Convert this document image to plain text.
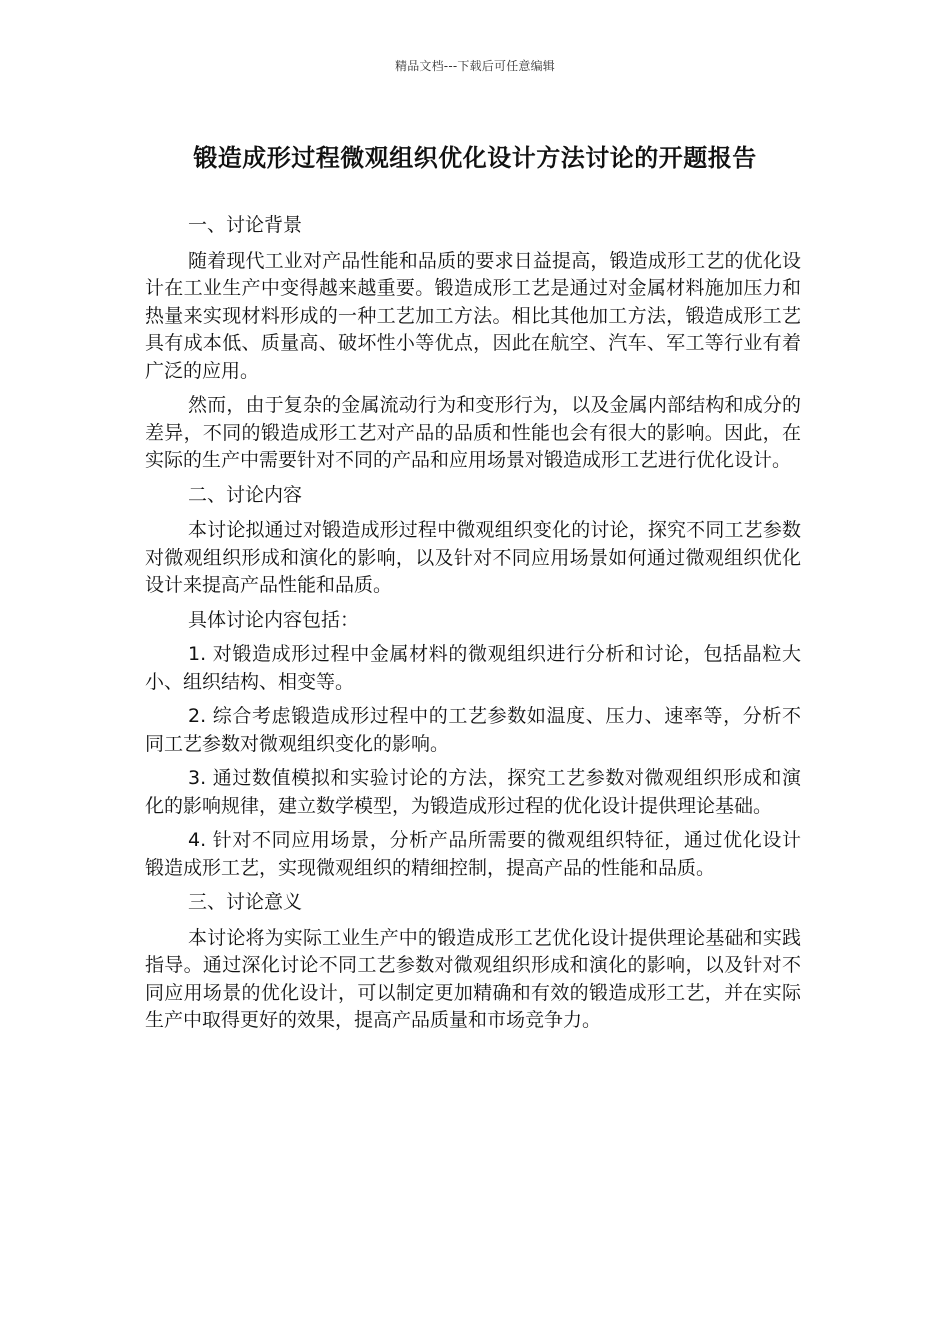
精品文档---下载后可任意编辑
锻造成形过程微观组织优化设计方法讨论的开题报告

一、讨论背景

随着现代工业对产品性能和品质的要求日益提高，锻造成形工艺的优化设计在工业生产中变得越来越重要。锻造成形工艺是通过对金属材料施加压力和热量来实现材料形成的一种工艺加工方法。相比其他加工方法，锻造成形工艺具有成本低、质量高、破坏性小等优点，因此在航空、汽车、军工等行业有着广泛的应用。

然而，由于复杂的金属流动行为和变形行为，以及金属内部结构和成分的差异，不同的锻造成形工艺对产品的品质和性能也会有很大的影响。因此，在实际的生产中需要针对不同的产品和应用场景对锻造成形工艺进行优化设计。

二、讨论内容

本讨论拟通过对锻造成形过程中微观组织变化的讨论，探究不同工艺参数对微观组织形成和演化的影响，以及针对不同应用场景如何通过微观组织优化设计来提高产品性能和品质。

具体讨论内容包括：

1. 对锻造成形过程中金属材料的微观组织进行分析和讨论，包括晶粒大小、组织结构、相变等。

2. 综合考虑锻造成形过程中的工艺参数如温度、压力、速率等，分析不同工艺参数对微观组织变化的影响。

3. 通过数值模拟和实验讨论的方法，探究工艺参数对微观组织形成和演化的影响规律，建立数学模型，为锻造成形过程的优化设计提供理论基础。

4. 针对不同应用场景，分析产品所需要的微观组织特征，通过优化设计锻造成形工艺，实现微观组织的精细控制，提高产品的性能和品质。

三、讨论意义

本讨论将为实际工业生产中的锻造成形工艺优化设计提供理论基础和实践指导。通过深化讨论不同工艺参数对微观组织形成和演化的影响，以及针对不同应用场景的优化设计，可以制定更加精确和有效的锻造成形工艺，并在实际生产中取得更好的效果，提高产品质量和市场竞争力。
